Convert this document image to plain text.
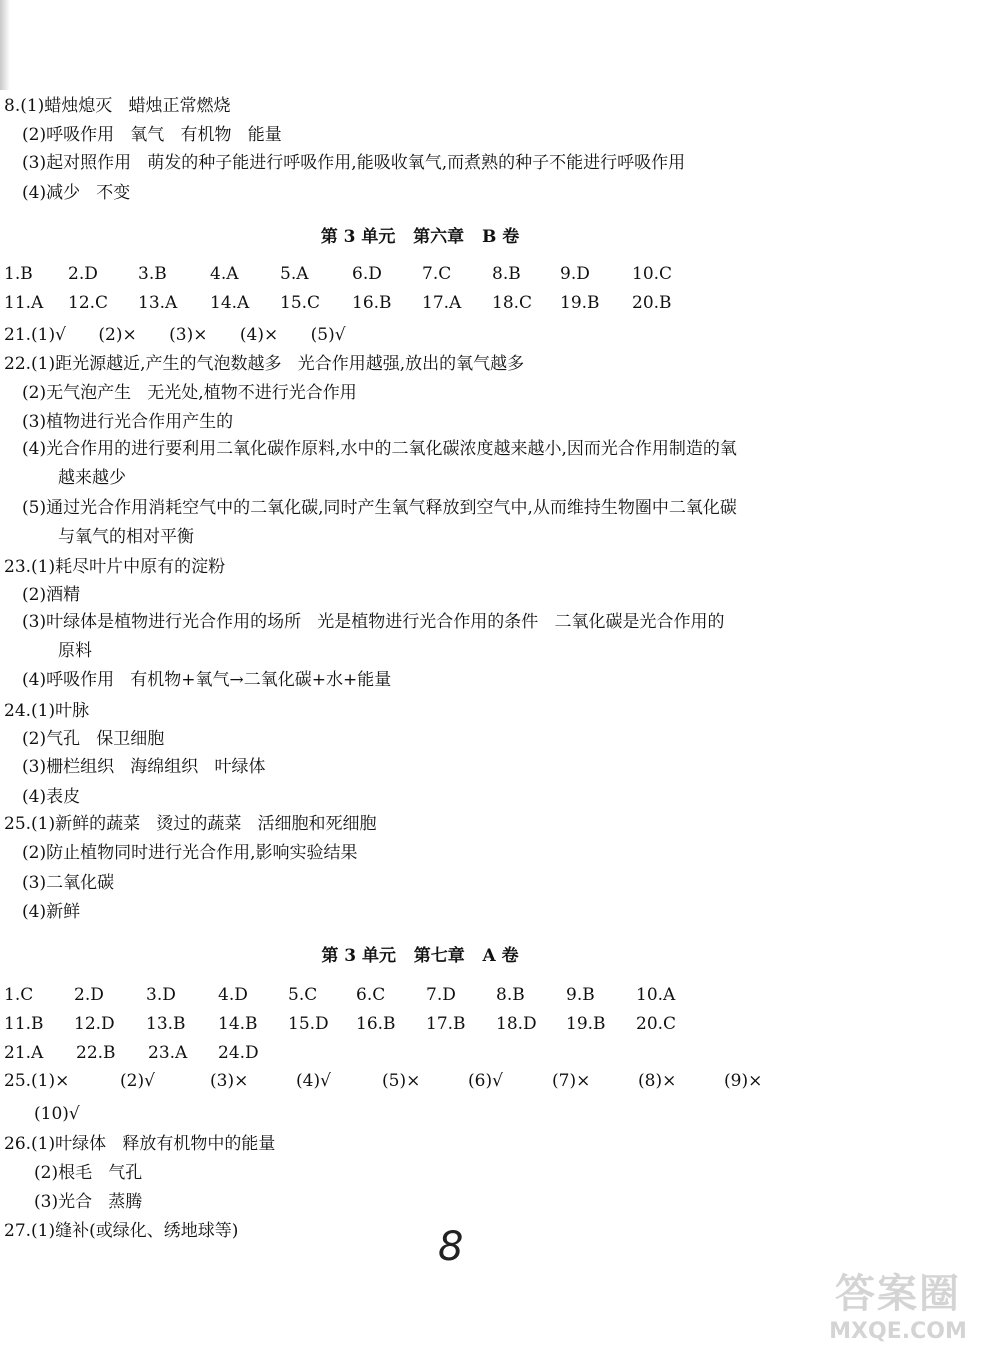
8.(1)蜡烛熄灭   蜡烛正常燃烧
(2)呼吸作用   氧气   有机物   能量
(3)起对照作用   萌发的种子能进行呼吸作用,能吸收氧气,而煮熟的种子不能进行呼吸作用
(4)减少   不变
第 3 单元   第六章   B 卷
1.B 2.D 3.B	4.A 5.A	6.D 7.C 8.B 9.D 10.C
11.A 12.C 13.A 14.A 15.C 16.B 17.A 18.C 19.B 20.B
21.(1)√      (2)×      (3)×      (4)×      (5)√
22.(1)距光源越近,产生的气泡数越多   光合作用越强,放出的氧气越多
(2)无气泡产生   无光处,植物不进行光合作用
(3)植物进行光合作用产生的
(4)光合作用的进行要利用二氧化碳作原料,水中的二氧化碳浓度越来越小,因而光合作用制造的氧
越来越少
(5)通过光合作用消耗空气中的二氧化碳,同时产生氧气释放到空气中,从而维持生物圈中二氧化碳
与氧气的相对平衡
23.(1)耗尽叶片中原有的淀粉
(2)酒精
(3)叶绿体是植物进行光合作用的场所   光是植物进行光合作用的条件   二氧化碳是光合作用的
原料
(4)呼吸作用   有机物+氧气→二氧化碳+水+能量
24.(1)叶脉
(2)气孔   保卫细胞
(3)栅栏组织   海绵组织   叶绿体
(4)表皮
25.(1)新鲜的蔬菜   烫过的蔬菜   活细胞和死细胞
(2)防止植物同时进行光合作用,影响实验结果
(3)二氧化碳
(4)新鲜
第 3 单元   第七章   A 卷
1.C 2.D 3.D 4.D 5.C 6.C 7.D 8.B 9.B 10.A
11.B 12.D 13.B 14.B 15.D 16.B 17.B 18.D 19.B 20.C
21.A 22.B 23.A 24.D
25.(1)×	(2)√	(3)×	(4)√	(5)×	(6)√	(7)×	(8)×	(9)×
(10)√
26.(1)叶绿体   释放有机物中的能量
(2)根毛   气孔
(3)光合   蒸腾
27.(1)缝补(或绿化、绣地球等)	8
答案圈
MXQE.COM
